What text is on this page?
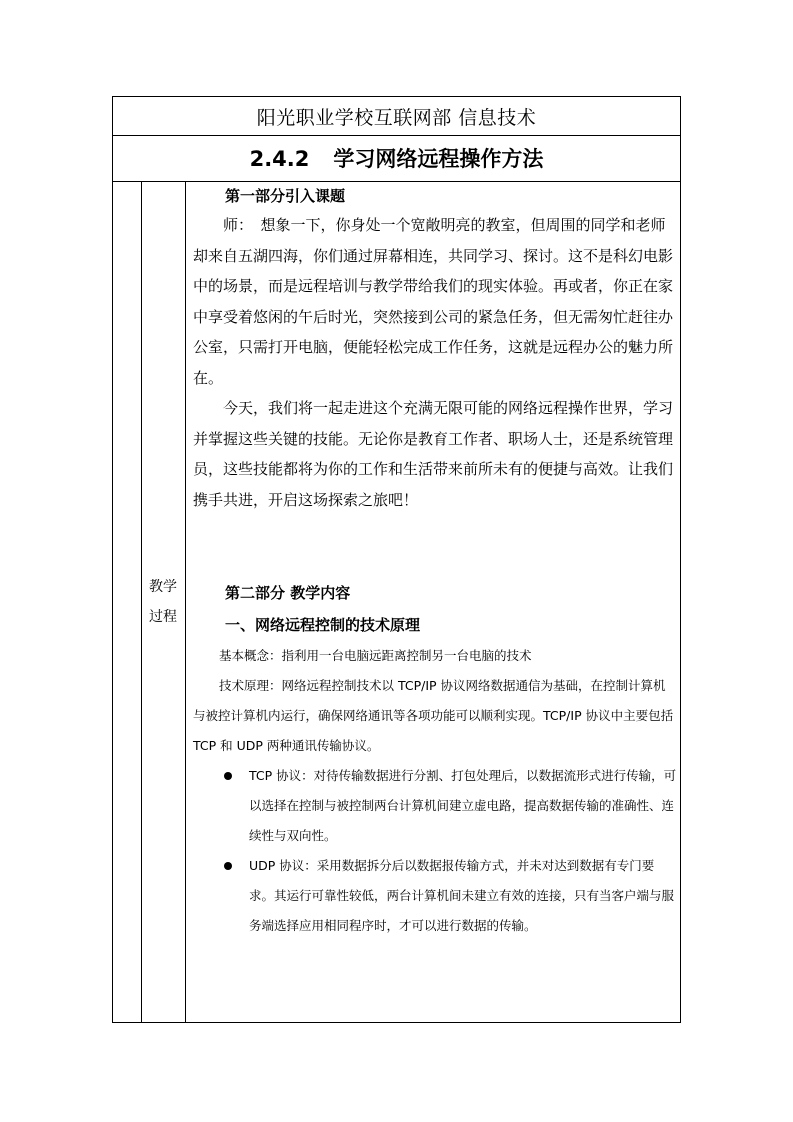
阳光职业学校互联网部 信息技术
2.4.2 学习网络远程操作方法
教学
过程
第一部分引入课题

师：　想象一下，你身处一个宽敞明亮的教室，但周围的同学和老师却来自五湖四海，你们通过屏幕相连，共同学习、探讨。这不是科幻电影中的场景，而是远程培训与教学带给我们的现实体验。再或者，你正在家中享受着悠闲的午后时光，突然接到公司的紧急任务，但无需匆忙赶往办公室，只需打开电脑，便能轻松完成工作任务，这就是远程办公的魅力所在。

今天，我们将一起走进这个充满无限可能的网络远程操作世界，学习并掌握这些关键的技能。无论你是教育工作者、职场人士，还是系统管理员，这些技能都将为你的工作和生活带来前所未有的便捷与高效。让我们携手共进，开启这场探索之旅吧！

第二部分 教学内容
一、网络远程控制的技术原理

基本概念：指利用一台电脑远距离控制另一台电脑的技术

技术原理：网络远程控制技术以 TCP/IP 协议网络数据通信为基础，在控制计算机与被控计算机内运行，确保网络通讯等各项功能可以顺利实现。TCP/IP 协议中主要包括 TCP 和 UDP 两种通讯传输协议。

TCP 协议：对待传输数据进行分割、打包处理后，以数据流形式进行传输，可以选择在控制与被控制两台计算机间建立虚电路，提高数据传输的准确性、连续性与双向性。

UDP 协议：采用数据拆分后以数据报传输方式，并未对达到数据有专门要求。其运行可靠性较低，两台计算机间未建立有效的连接，只有当客户端与服务端选择应用相同程序时，才可以进行数据的传输。
